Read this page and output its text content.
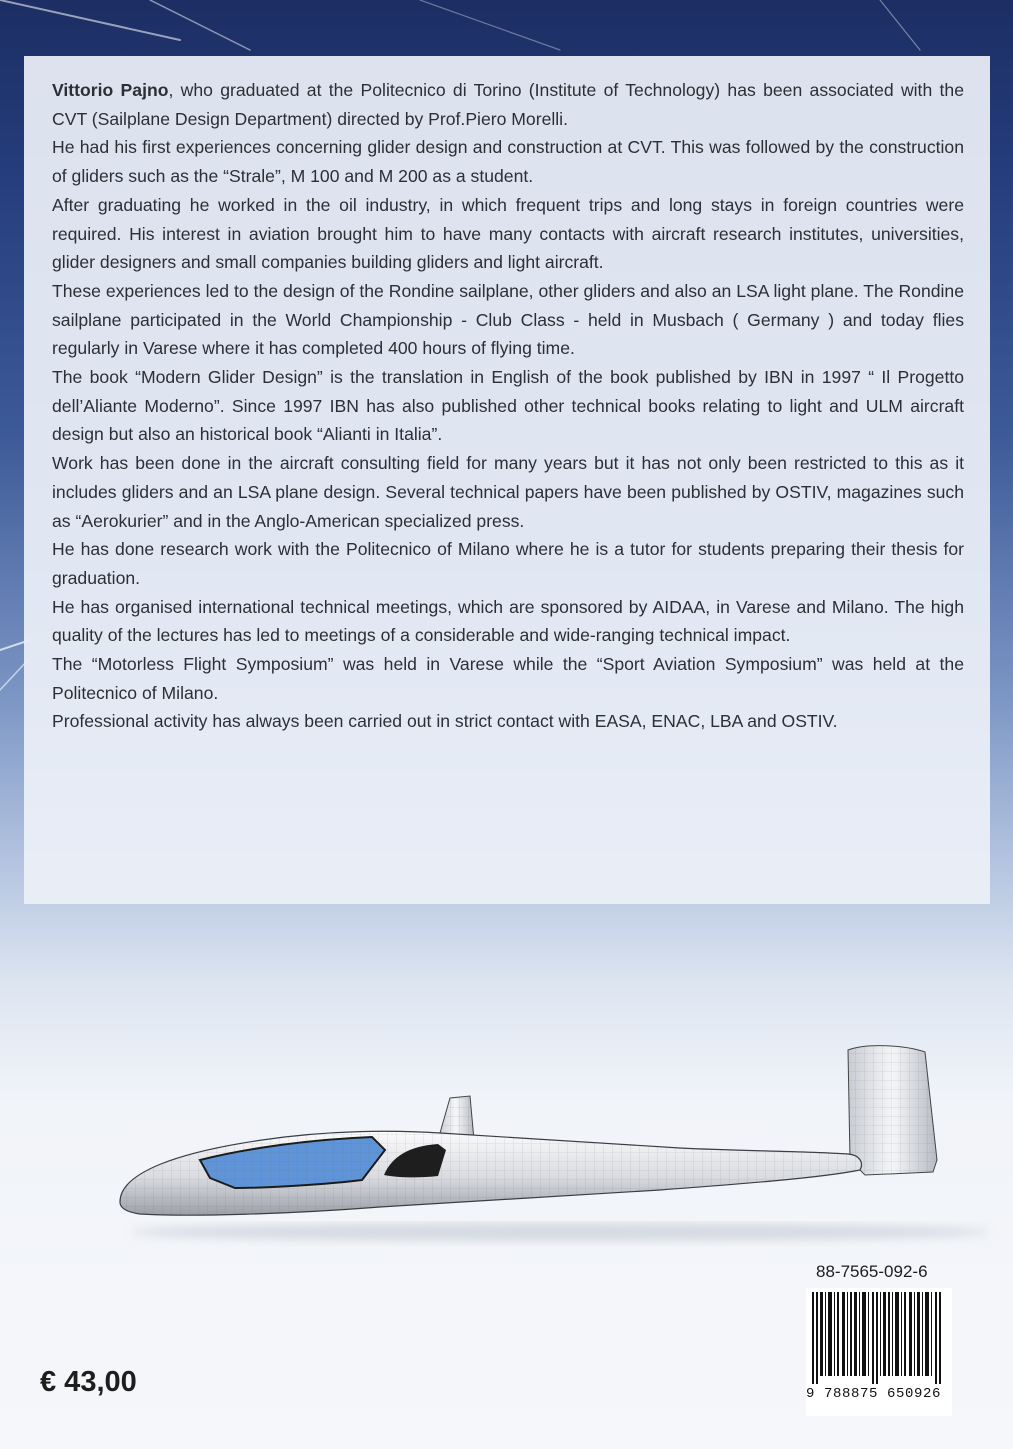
Vittorio Pajno, who graduated at the Politecnico di Torino (Institute of Technology) has been associated with the CVT (Sailplane Design Department) directed by Prof.Piero Morelli.

He had his first experiences concerning glider design and construction at CVT. This was followed by the construction of gliders such as the “Strale”, M 100 and M 200 as a student.

After graduating he worked in the oil industry, in which frequent trips and long stays in foreign countries were required. His interest in aviation brought him to have many contacts with aircraft research institutes, universities, glider designers and small companies building gliders and light aircraft.

These experiences led to the design of the Rondine sailplane, other gliders and also an LSA light plane. The Rondine sailplane participated in the World Championship - Club Class - held in Musbach ( Germany ) and today flies regularly in Varese where it has completed 400 hours of flying time.

The book “Modern Glider Design” is the translation in English of the book published by IBN in 1997 “ Il Progetto dell’Aliante Moderno”. Since 1997 IBN has also published other technical books relating to light and ULM aircraft design but also an historical book “Alianti in Italia”.

Work has been done in the aircraft consulting field for many years but it has not only been restricted to this as it includes gliders and an LSA plane design. Several technical papers have been published by OSTIV, magazines such as “Aerokurier” and in the Anglo-American specialized press.

He has done research work with the Politecnico of Milano where he is a tutor for students preparing their thesis for graduation.

He has organised international technical meetings, which are sponsored by AIDAA, in Varese and Milano. The high quality of the lectures has led to meetings of a considerable and wide-ranging technical impact.

The “Motorless Flight Symposium” was held in Varese while the “Sport Aviation Symposium” was held at the Politecnico of Milano.

Professional activity has always been carried out in strict contact with EASA, ENAC, LBA and OSTIV.

88-7565-092-6
9 788875 650926
€ 43,00
